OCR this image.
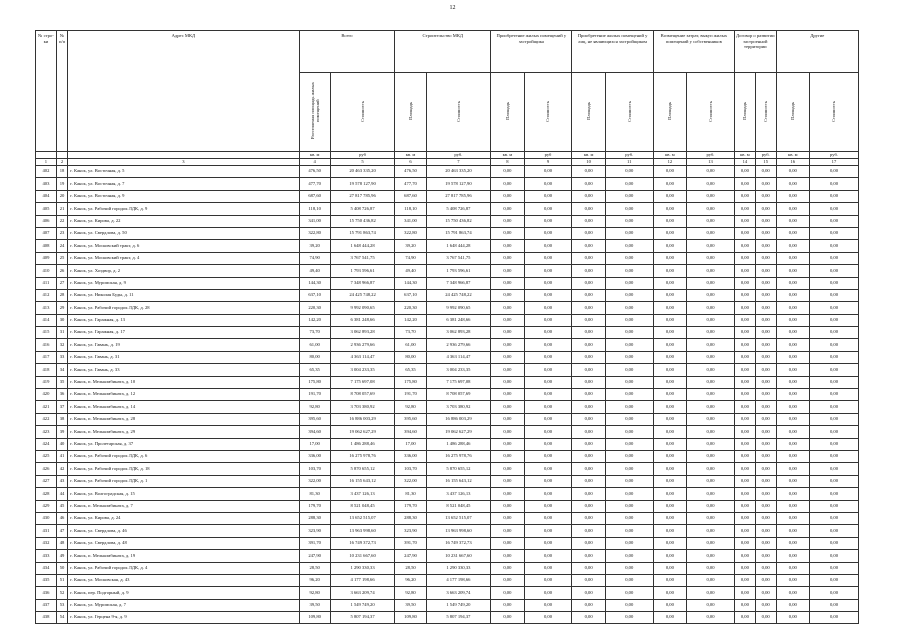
12
№ стро-ки	№ п/п	Адрес МКД	Всего		Строительство МКД		Приобретение жилых помещений у застройщика		Приобретение жилых помещений у лиц, не являющихся застройщиком		Возмещение затрат, выкуп жилых помещений у собственников		Договор о развитии застроенной территории		Другие	
			Расселяемая площадь жилых помещений	Стоимость	Площадь	Стоимость	Площадь	Стоимость	Площадь	Стоимость	Площадь	Стоимость	Площадь	Стоимость	Площадь	Стоимость
			кв. м	руб	кв. м	руб.	кв. м	руб	кв. м	руб.	кв. м	руб.	кв. м	руб.	кв. м	руб.
1	2	3	4	5	6	7	8	9	10	11	12	13	14	15	16	17
402	18	г. Канск, ул. Восточная, д. 5	476,50	20 463 335,20	476,50	20 463 335,20	0,00	0,00	0,00	0,00	0,00	0,00	0,00	0,00	0,00	0,00
403	19	г. Канск, ул. Восточная, д. 7	477,70	19 578 127,90	477,70	19 578 127,90	0,00	0,00	0,00	0,00	0,00	0,00	0,00	0,00	0,00	0,00
404	20	г. Канск, ул. Восточная, д. 9	687,60	27 817 785,96	687,60	27 817 785,96	0,00	0,00	0,00	0,00	0,00	0,00	0,00	0,00	0,00	0,00
405	21	г. Канск, ул. Рабочий городок ЛДК, д. 9	118,10	5 408 726,87	118,10	5 408 726,87	0,00	0,00	0,00	0,00	0,00	0,00	0,00	0,00	0,00	0,00
406	22	г. Канск, ул. Кирова, д. 22	341,00	15 750 436,82	341,00	15 750 436,82	0,00	0,00	0,00	0,00	0,00	0,00	0,00	0,00	0,00	0,00
407	23	г. Канск, ул. Свердлова, д. 50	322,80	15 791 863,74	322,80	15 791 863,74	0,00	0,00	0,00	0,00	0,00	0,00	0,00	0,00	0,00	0,00
408	24	г. Канск, ул. Московский тракт, д. 6	39,20	1 648 444,28	39,20	1 648 444,28	0,00	0,00	0,00	0,00	0,00	0,00	0,00	0,00	0,00	0,00
409	25	г. Канск, ул. Московский тракт, д. 4	74,90	3 767 541,75	74,90	3 767 541,75	0,00	0,00	0,00	0,00	0,00	0,00	0,00	0,00	0,00	0,00
410	26	г. Канск, ул. Хоздвор, д. 2	49,40	1 793 596,61	49,40	1 793 596,61	0,00	0,00	0,00	0,00	0,00	0,00	0,00	0,00	0,00	0,00
411	27	г. Канск, ул. Муромская, д. 9	144,30	7 348 966,87	144,30	7 348 966,87	0,00	0,00	0,00	0,00	0,00	0,00	0,00	0,00	0,00	0,00
412	28	г. Канск, ул. Николая Буды, д. 11	637,10	24 425 748,22	637,10	24 425 748,22	0,00	0,00	0,00	0,00	0,00	0,00	0,00	0,00	0,00	0,00
413	29	г. Канск, ул. Рабочий городок ЛДК, д. 28	220,30	9 992 090,65	220,30	9 992 090,65	0,00	0,00	0,00	0,00	0,00	0,00	0,00	0,00	0,00	0,00
414	30	г. Канск, ул. Гаражная, д. 13	142,20	6 381 248,66	142,20	6 381 248,66	0,00	0,00	0,00	0,00	0,00	0,00	0,00	0,00	0,00	0,00
415	31	г. Канск, ул. Гаражная, д. 17	73,70	3 062 893,28	73,70	3 062 893,28	0,00	0,00	0,00	0,00	0,00	0,00	0,00	0,00	0,00	0,00
416	32	г. Канск, ул. Гаванъ, д. 19	61,00	2 936 279,66	61,00	2 936 279,66	0,00	0,00	0,00	0,00	0,00	0,00	0,00	0,00	0,00	0,00
417	33	г. Канск, ул. Гавань, д. 31	80,00	4 363 114,47	80,00	4 363 114,47	0,00	0,00	0,00	0,00	0,00	0,00	0,00	0,00	0,00	0,00
418	34	г. Канск, ул. Гавань, д. 33	65,35	3 004 233,35	65,35	3 004 233,35	0,00	0,00	0,00	0,00	0,00	0,00	0,00	0,00	0,00	0,00
419	35	г. Канск, п. Мелькомбината, д. 10	175,80	7 175 697,08	175,80	7 175 697,08	0,00	0,00	0,00	0,00	0,00	0,00	0,00	0,00	0,00	0,00
420	36	г. Канск, п. Мелькомбината, д. 12	191,70	8 708 057,69	191,70	8 708 057,69	0,00	0,00	0,00	0,00	0,00	0,00	0,00	0,00	0,00	0,00
421	37	г. Канск, п. Мелькомбината, д. 14	92,80	3 703 380,92	92,80	3 703 380,92	0,00	0,00	0,00	0,00	0,00	0,00	0,00	0,00	0,00	0,00
422	38	г. Канск, п. Мелькомбината, д. 28	395,60	16 886 003,29	395,60	16 886 003,29	0,00	0,00	0,00	0,00	0,00	0,00	0,00	0,00	0,00	0,00
423	39	г. Канск, п. Мелькомбината, д. 29	394,60	19 062 627,29	394,60	19 062 627,29	0,00	0,00	0,00	0,00	0,00	0,00	0,00	0,00	0,00	0,00
424	40	г. Канск, ул. Пролетарская, д. 37	17,00	1 486 288,46	17,00	1 486 288,46	0,00	0,00	0,00	0,00	0,00	0,00	0,00	0,00	0,00	0,00
425	41	г. Канск, ул. Рабочий городок ЛДК, д. 6	336,00	16 275 978,76	336,00	16 275 978,76	0,00	0,00	0,00	0,00	0,00	0,00	0,00	0,00	0,00	0,00
426	42	г. Канск, ул. Рабочий городок ЛДК, д. 18	103,70	5 870 655,12	103,70	5 870 655,12	0,00	0,00	0,00	0,00	0,00	0,00	0,00	0,00	0,00	0,00
427	43	г. Канск, ул. Рабочий городок ЛДК, д. 1	322,00	16 155 643,12	322,00	16 155 643,12	0,00	0,00	0,00	0,00	0,00	0,00	0,00	0,00	0,00	0,00
428	44	г. Канск, ул. Волгоградская, д. 15	81,30	3 437 126,13	81,30	3 437 126,13	0,00	0,00	0,00	0,00	0,00	0,00	0,00	0,00	0,00	0,00
429	45	г. Канск, п. Мелькомбината, д. 7	179,70	8 521 048,45	179,70	8 521 048,45	0,00	0,00	0,00	0,00	0,00	0,00	0,00	0,00	0,00	0,00
430	46	г. Канск, ул. Кирова, д. 24	288,30	13 652 515,07	288,30	13 652 515,07	0,00	0,00	0,00	0,00	0,00	0,00	0,00	0,00	0,00	0,00
431	47	г. Канск, ул. Свердлова, д. 46	323,90	13 963 998,60	323,90	13 963 998,60	0,00	0,00	0,00	0,00	0,00	0,00	0,00	0,00	0,00	0,00
432	48	г. Канск, ул. Свердлова, д. 48	391,70	16 749 372,73	391,70	16 749 372,73	0,00	0,00	0,00	0,00	0,00	0,00	0,00	0,00	0,00	0,00
433	49	г. Канск, п. Мелькомбината, д. 19	247,90	10 231 667,60	247,90	10 231 667,60	0,00	0,00	0,00	0,00	0,00	0,00	0,00	0,00	0,00	0,00
434	50	г. Канск, ул. Рабочий городок ЛДК, д. 4	28,50	1 290 330,33	28,50	1 290 330,33	0,00	0,00	0,00	0,00	0,00	0,00	0,00	0,00	0,00	0,00
435	51	г. Канск, ул. Московская, д. 43	96,20	4 177 198,66	96,20	4 177 198,66	0,00	0,00	0,00	0,00	0,00	0,00	0,00	0,00	0,00	0,00
436	52	г. Канск, пер. Подгорный, д. 9	92,80	3 663 209,74	92,80	3 663 209,74	0,00	0,00	0,00	0,00	0,00	0,00	0,00	0,00	0,00	0,00
437	53	г. Канск, ул. Муромская, д. 7	39,50	1 549 749,20	39,50	1 549 749,20	0,00	0,00	0,00	0,00	0,00	0,00	0,00	0,00	0,00	0,00
438	54	г. Канск, ул. Герцена 9-я, д. 9	109,80	5 807 194,37	109,80	5 807 194,37	0,00	0,00	0,00	0,00	0,00	0,00	0,00	0,00	0,00	0,00
